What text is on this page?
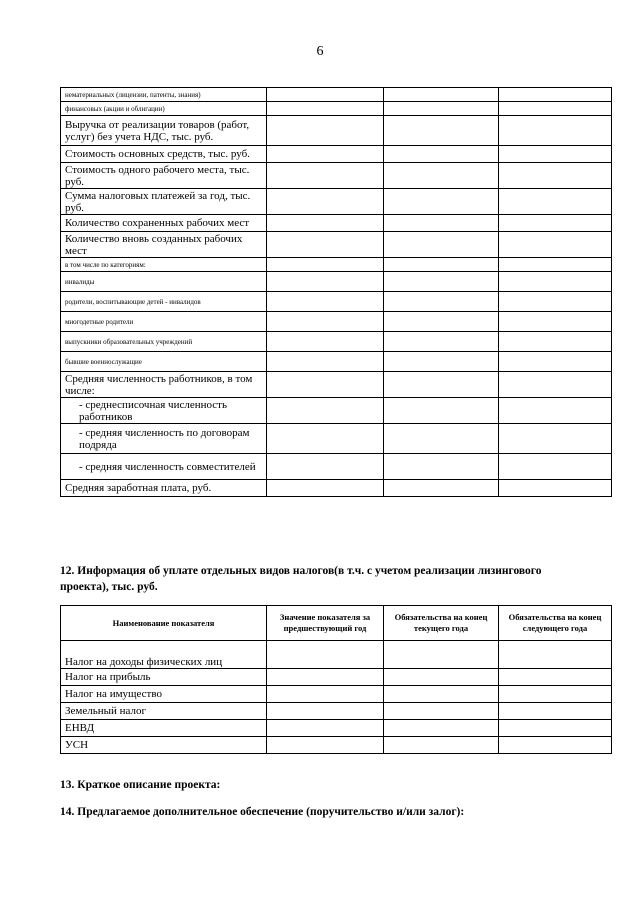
6
нематериальных (лицензии, патенты, знания)			
финансовых (акции и облигации)			
Выручка от реализации товаров (работ, услуг) без учета НДС, тыс. руб.			
Стоимость основных средств, тыс. руб.			
Стоимость одного рабочего места, тыс. руб.			
Сумма налоговых платежей за год, тыс. руб.			
Количество сохраненных рабочих мест			
Количество вновь созданных рабочих мест			
в том числе по категориям:			
инвалиды			
родители, воспитывающие детей - инвалидов			
многодетные родители			
выпускники образовательных учреждений			
бывшие военнослужащие			
Средняя численность работников, в том числе:			
- среднесписочная численность работников			
- средняя численность по договорам подряда			
- средняя численность совместителей			
Средняя заработная плата, руб.			
12. Информация об уплате отдельных видов налогов(в т.ч. с учетом реализации лизингового проекта), тыс. руб.
Наименование показателя	Значение показателя за предшествующий год	Обязательства на конец текущего года	Обязательства на конец следующего года
Налог на доходы физических лиц			
Налог на прибыль			
Налог на имущество			
Земельный налог			
ЕНВД			
УСН			
13. Краткое описание проекта:
14. Предлагаемое дополнительное обеспечение (поручительство и/или залог):
